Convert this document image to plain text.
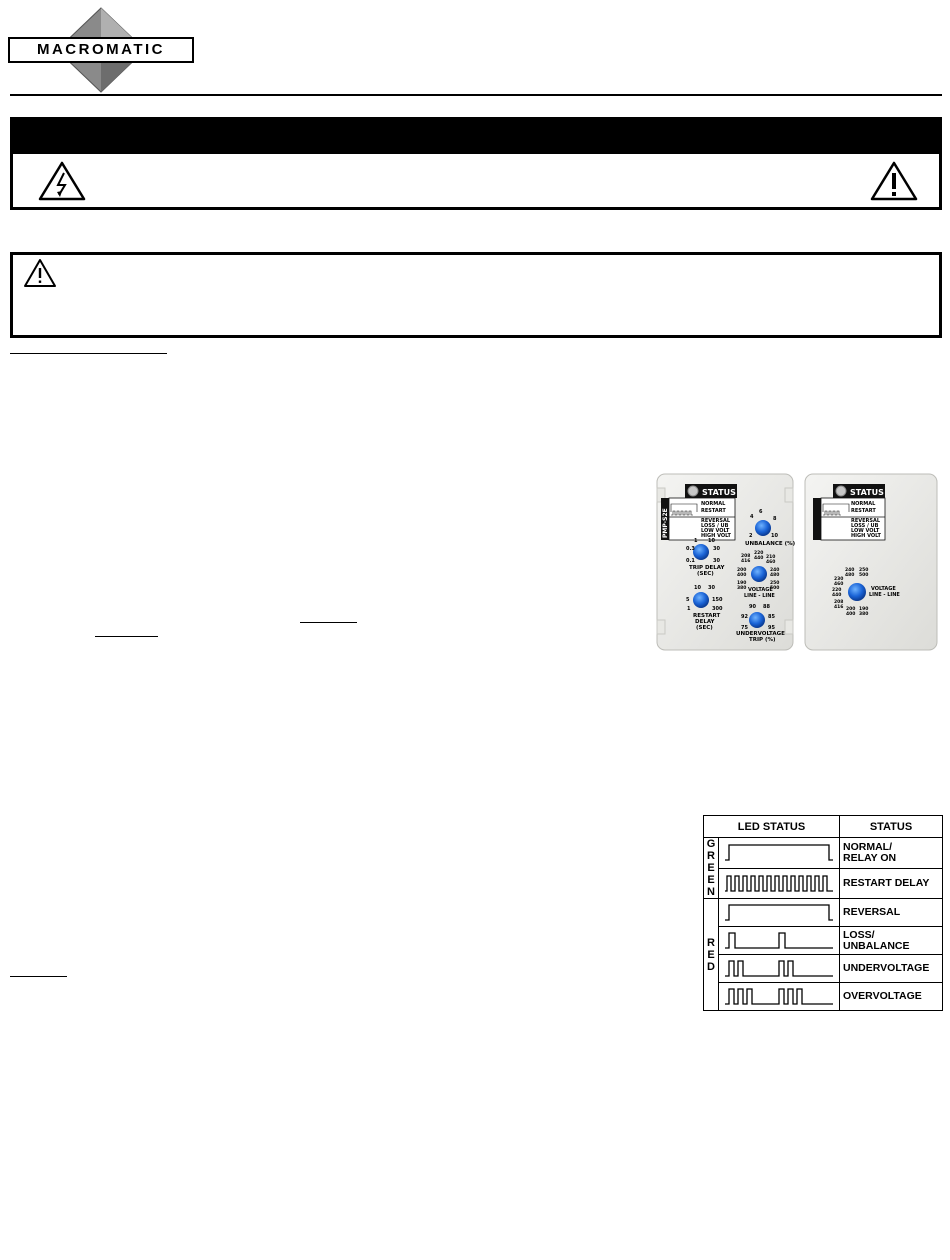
MACROMATIC
STATUS
PMP-S2E
NORMAL
RESTART
REVERSAL
LOSS / UB
LOW VOLT
HIGH VOLT
6
4	8
2	10
UNBALANCE (%)
1 10
0.3	30
0.1	30
TRIP DELAY
(SEC)
208
220
210
416
440
460
200	240
400	480
190	250
380	500
VOLTAGE
LINE - LINE
10 30
5	150
1	300
RESTART
DELAY
(SEC)
90 88
92	85
75	95
UNDERVOLTAGE
TRIP (%)
STATUS
NORMAL
RESTART
REVERSAL
LOSS / UB
LOW VOLT
HIGH VOLT
240 250
480 500
230
460
220
440
208
416 200 190
400 380
VOLTAGE
LINE - LINE
LED STATUS		STATUS
G
R
E
E
N		NORMAL/
RELAY ON

	RESTART DELAY
R
E
D		REVERSAL

	LOSS/
UNBALANCE

	UNDERVOLTAGE

	OVERVOLTAGE
